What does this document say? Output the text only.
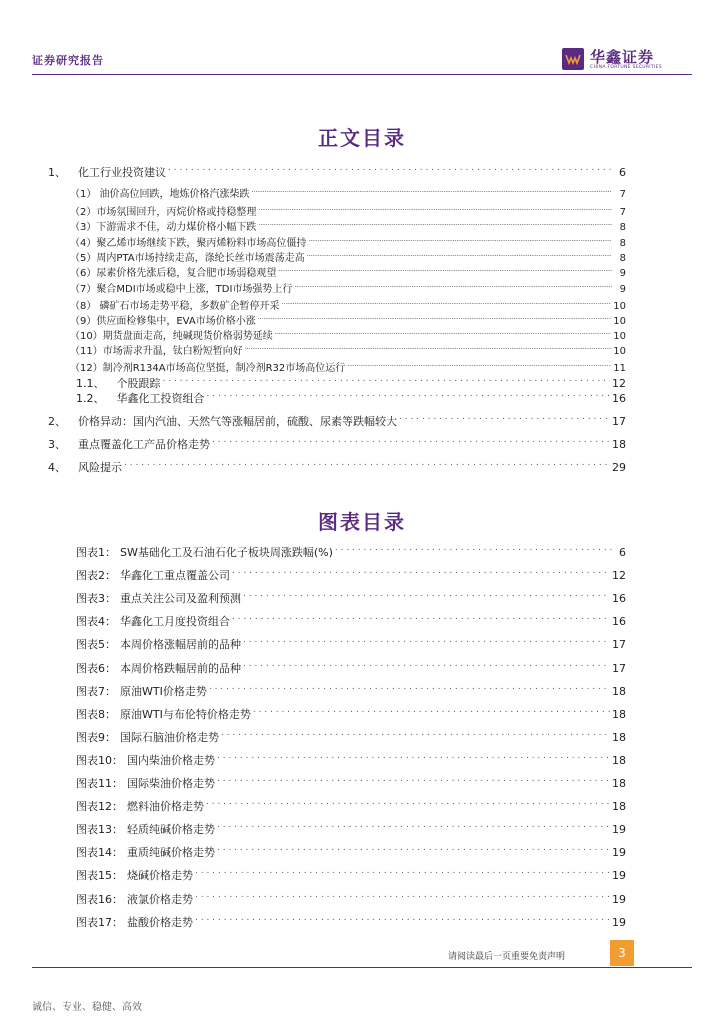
证券研究报告	华鑫证券
CHINA FORTUNE SECURITIES
正文目录
1、 化工行业投资建议 . . .	6
（1） 油价高位回跌，地炼价格汽涨柴跌 .....	7
（2）市场氛围回升，丙烷价格或持稳整理 .....	7
（3）下游需求不佳，动力煤价格小幅下跌 .....	8
（4）聚乙烯市场继续下跌，聚丙烯粉料市场高位僵持 .....	8
（5）周内PTA市场持续走高，涤纶长丝市场震荡走高 .....	8
（6）尿素价格先涨后稳，复合肥市场弱稳观望 .....	9
（7）聚合MDI市场或稳中上涨，TDI市场强势上行 .....	9
（8） 磷矿石市场走势平稳，多数矿企暂停开采 .....	10
（9）供应面检修集中，EVA市场价格小涨 .....	10
（10）期货盘面走高，纯碱现货价格弱势延续 .....	10
（11）市场需求升温，钛白粉短暂向好 .....	10
（12）制冷剂R134A市场高位坚挺，制冷剂R32市场高位运行 .....	11
1.1、 个股跟踪 . . .	12
1.2、 华鑫化工投资组合 . . .	16
2、 价格异动：国内汽油、天然气等涨幅居前，硫酸、尿素等跌幅较大 . . .	17
3、 重点覆盖化工产品价格走势 . . .	18
4、 风险提示 . . .	29
图表目录
图表1： SW基础化工及石油石化子板块周涨跌幅(%) . . .	6
图表2： 华鑫化工重点覆盖公司 . . .	12
图表3： 重点关注公司及盈利预测 . . .	16
图表4： 华鑫化工月度投资组合 . . .	16
图表5： 本周价格涨幅居前的品种 . . .	17
图表6： 本周价格跌幅居前的品种 . . .	17
图表7： 原油WTI价格走势 . . .	18
图表8： 原油WTI与布伦特价格走势 . . .	18
图表9： 国际石脑油价格走势 . . .	18
图表10： 国内柴油价格走势 . . .	18
图表11： 国际柴油价格走势 . . .	18
图表12： 燃料油价格走势 . . .	18
图表13： 轻质纯碱价格走势 . . .	19
图表14： 重质纯碱价格走势 . . .	19
图表15： 烧碱价格走势 . . .	19
图表16： 液氯价格走势 . . .	19
图表17： 盐酸价格走势 . . .	19
请阅读最后一页重要免责声明	3
诚信、专业、稳健、高效
